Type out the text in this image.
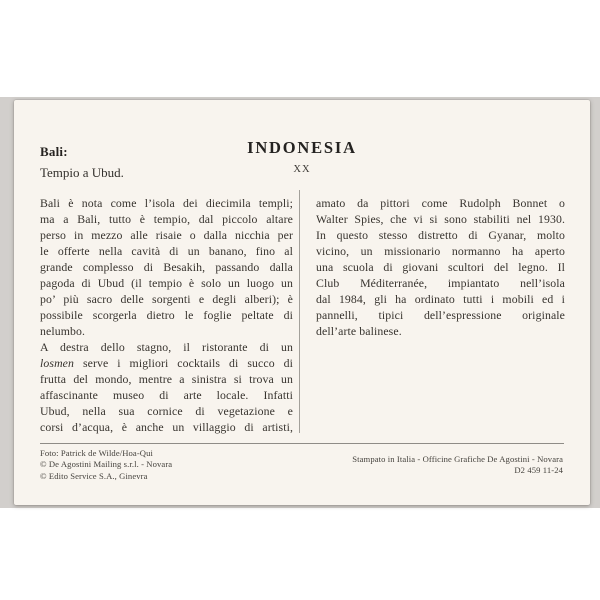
Bali:
Tempio a Ubud.
INDONESIA
XX
Bali è nota come l’isola dei diecimila templi;
ma a Bali, tutto è tempio, dal piccolo altare
perso in mezzo alle risaie o dalla nicchia per
le offerte nella cavità di un banano, fino al
grande complesso di Besakih, passando dalla
pagoda di Ubud (il tempio è solo un luogo un
po’ più sacro delle sorgenti e degli alberi); è
possibile scorgerla dietro le foglie peltate di
nelumbo.
A destra dello stagno, il ristorante di un
losmen serve i migliori cocktails di succo di
frutta del mondo, mentre a sinistra si trova un
affascinante museo di arte locale. Infatti
Ubud, nella sua cornice di vegetazione e
corsi d’acqua, è anche un villaggio di artisti,
amato da pittori come Rudolph Bonnet o
Walter Spies, che vi si sono stabiliti nel 1930.
In questo stesso distretto di Gyanar, molto
vicino, un missionario normanno ha aperto
una scuola di giovani scultori del legno. Il
Club Méditerranée, impiantato nell’isola
dal 1984, gli ha ordinato tutti i mobili ed i
pannelli, tipici dell’espressione originale
dell’arte balinese.
Foto: Patrick de Wilde/Hoa-Qui
© De Agostini Mailing s.r.l. - Novara
© Edito Service S.A., Ginevra
Stampato in Italia - Officine Grafiche De Agostini - Novara
D2 459 11-24
